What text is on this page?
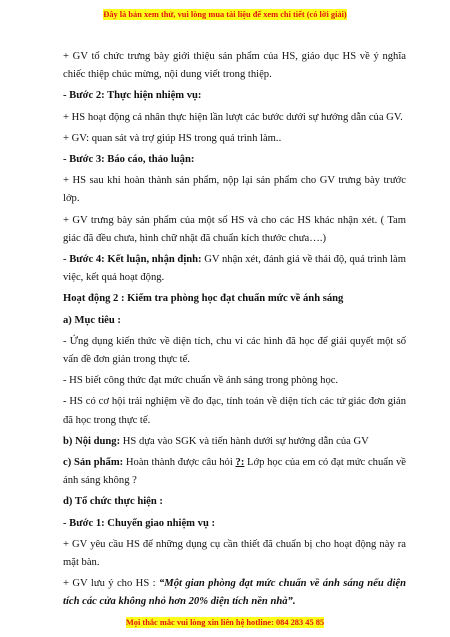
Đây là bản xem thử, vui lòng mua tài liệu để xem chi tiết (có lời giải)

+ GV tổ chức trưng bày giới thiệu sản phẩm của HS, giáo dục HS về ý nghĩa chiếc thiệp chúc mừng, nội dung viết trong thiệp.

- Bước 2: Thực hiện nhiệm vụ:

+ HS hoạt động cá nhân thực hiện lần lượt các bước dưới sự hướng dẫn của GV.

+ GV: quan sát và trợ giúp HS trong quá trình làm..

- Bước 3: Báo cáo, thảo luận:

+ HS sau khi hoàn thành sản phẩm, nộp lại sản phẩm cho GV trưng bày trước lớp.

+ GV trưng bày sản phẩm của một số HS và cho các HS khác nhận xét. ( Tam giác đã đều chưa, hình chữ nhật đã chuẩn kích thước chưa….)

- Bước 4: Kết luận, nhận định: GV nhận xét, đánh giá về thái độ, quá trình làm việc, kết quả hoạt động.

Hoạt động 2 : Kiểm tra phòng học đạt chuẩn mức về ánh sáng

a) Mục tiêu :

- Ứng dụng kiến thức về diện tích, chu vi các hình đã học để giải quyết một số vấn đề đơn giản trong thực tế.

- HS biết công thức đạt mức chuẩn về ánh sáng trong phòng học.

- HS có cơ hội trải nghiệm về đo đạc, tính toán về diện tích các tứ giác đơn giản đã học trong thực tế.

b) Nội dung: HS dựa vào SGK và tiến hành dưới sự hướng dẫn của GV

c) Sản phẩm: Hoàn thành được câu hỏi ?: Lớp học của em có đạt mức chuẩn về ánh sáng không ?

d) Tổ chức thực hiện :

- Bước 1: Chuyển giao nhiệm vụ :

+ GV yêu cầu HS để những dụng cụ cần thiết đã chuẩn bị cho hoạt động này ra mặt bàn.

+ GV lưu ý cho HS : “Một gian phòng đạt mức chuẩn về ánh sáng nếu diện tích các cửa không nhỏ hơn 20% diện tích nền nhà”.

Mọi thắc mắc vui lòng xin liên hệ hotline: 084 283 45 85
